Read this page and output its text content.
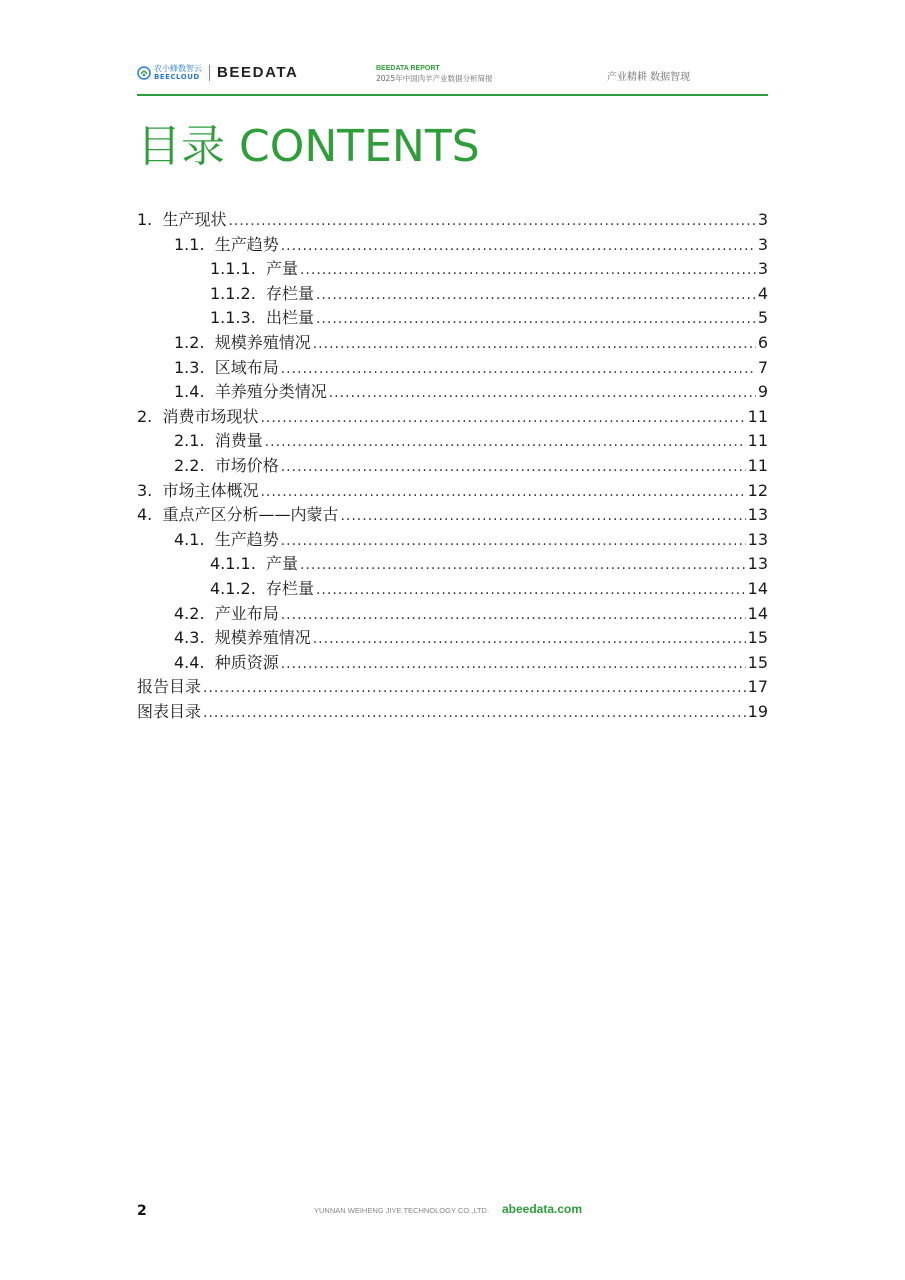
农小蜂数智云
BEECLOUD BEEDATA	BEEDATA REPORT
2025年中国肉羊产业数据分析简报	产业精耕 数据智现
目录 CONTENTS
1. 生产现状 .....	3
1.1. 生产趋势 .....	3
1.1.1. 产量 .....	3
1.1.2. 存栏量 .....	4
1.1.3. 出栏量 .....	5
1.2. 规模养殖情况 .....	6
1.3. 区域布局 .....	7
1.4. 羊养殖分类情况 .....	9
2. 消费市场现状 .....	11
2.1. 消费量 .....	11
2.2. 市场价格 .....	11
3. 市场主体概况 .....	12
4. 重点产区分析——内蒙古 .....	13
4.1. 生产趋势 .....	13
4.1.1. 产量 .....	13
4.1.2. 存栏量 .....	14
4.2. 产业布局 .....	14
4.3. 规模养殖情况 .....	15
4.4. 种质资源 .....	15
报告目录 .....	17
图表目录 .....	19
2	YUNNAN WEIHENG JIYE TECHNOLOGY CO.,LTD. abeedata.com
